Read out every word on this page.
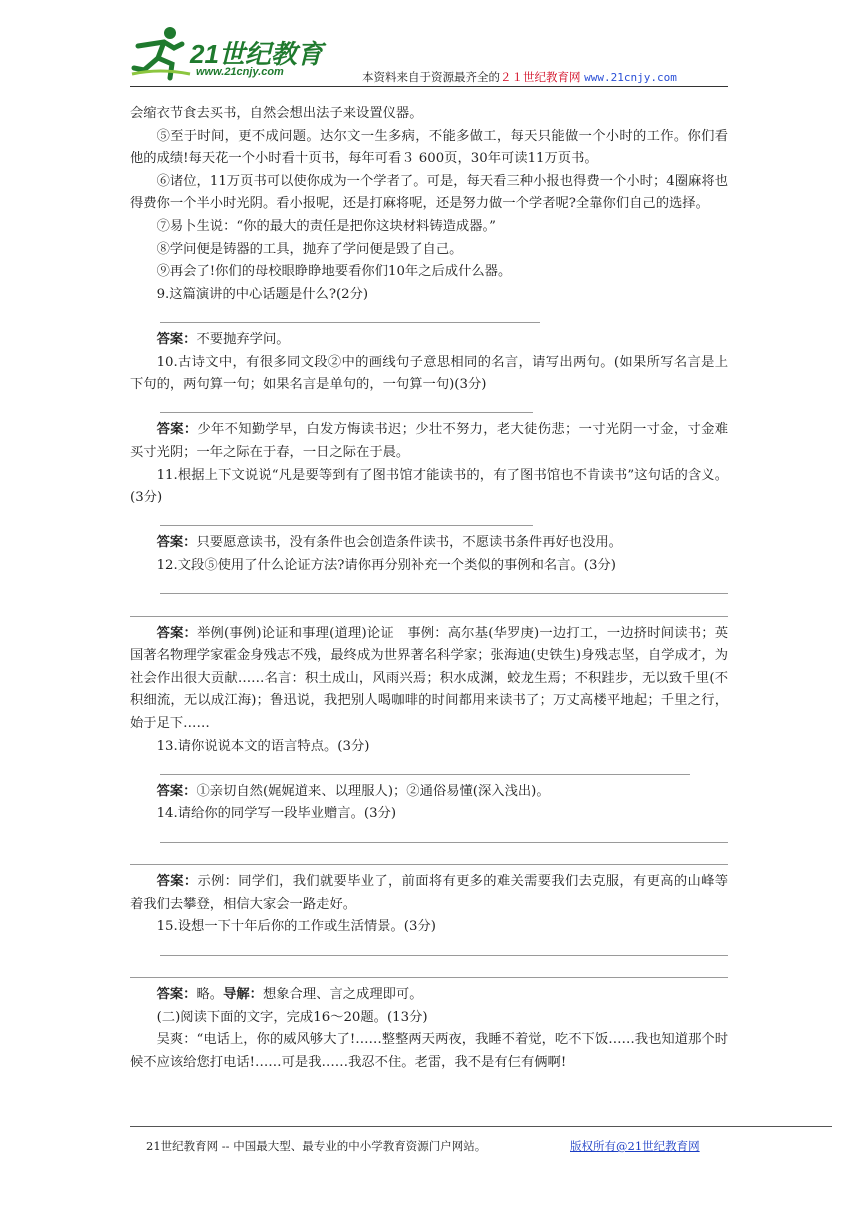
21世纪教育
www.21cnjy.com	本资料来自于资源最齐全的２１世纪教育网 www.21cnjy.com

会缩衣节食去买书，自然会想出法子来设置仪器。

⑤至于时间，更不成问题。达尔文一生多病，不能多做工，每天只能做一个小时的工作。你们看他的成绩!每天花一个小时看十页书，每年可看３ 600页，30年可读11万页书。

⑥诸位，11万页书可以使你成为一个学者了。可是，每天看三种小报也得费一个小时；4圈麻将也得费你一个半小时光阴。看小报呢，还是打麻将呢，还是努力做一个学者呢?全靠你们自己的选择。

⑦易卜生说：“你的最大的责任是把你这块材料铸造成器。”

⑧学问便是铸器的工具，抛弃了学问便是毁了自己。

⑨再会了!你们的母校眼睁睁地要看你们10年之后成什么器。

9.这篇演讲的中心话题是什么?(2分)

答案：不要抛弃学问。

10.古诗文中，有很多同文段②中的画线句子意思相同的名言，请写出两句。(如果所写名言是上下句的，两句算一句；如果名言是单句的，一句算一句)(3分)

答案：少年不知勤学早，白发方悔读书迟；少壮不努力，老大徒伤悲；一寸光阴一寸金，寸金难买寸光阴；一年之际在于春，一日之际在于晨。

11.根据上下文说说“凡是要等到有了图书馆才能读书的，有了图书馆也不肯读书”这句话的含义。(3分)

答案：只要愿意读书，没有条件也会创造条件读书，不愿读书条件再好也没用。

12.文段⑤使用了什么论证方法?请你再分别补充一个类似的事例和名言。(3分)

答案：举例(事例)论证和事理(道理)论证　事例：高尔基(华罗庚)一边打工，一边挤时间读书；英国著名物理学家霍金身残志不残，最终成为世界著名科学家；张海迪(史铁生)身残志坚，自学成才，为社会作出很大贡献……名言：积土成山，风雨兴焉；积水成渊，蛟龙生焉；不积跬步，无以致千里(不积细流，无以成江海)；鲁迅说，我把别人喝咖啡的时间都用来读书了；万丈高楼平地起；千里之行，始于足下……

13.请你说说本文的语言特点。(3分)

答案：①亲切自然(娓娓道来、以理服人)；②通俗易懂(深入浅出)。

14.请给你的同学写一段毕业赠言。(3分)

答案：示例：同学们，我们就要毕业了，前面将有更多的难关需要我们去克服，有更高的山峰等着我们去攀登，相信大家会一路走好。

15.设想一下十年后你的工作或生活情景。(3分)

答案：略。导解：想象合理、言之成理即可。

(二)阅读下面的文字，完成16～20题。(13分)

吴爽：“电话上，你的威风够大了!……整整两天两夜，我睡不着觉，吃不下饭……我也知道那个时候不应该给您打电话!……可是我……我忍不住。老雷，我不是有仨有俩啊!

21世纪教育网 -- 中国最大型、最专业的中小学教育资源门户网站。	版权所有@21世纪教育网
